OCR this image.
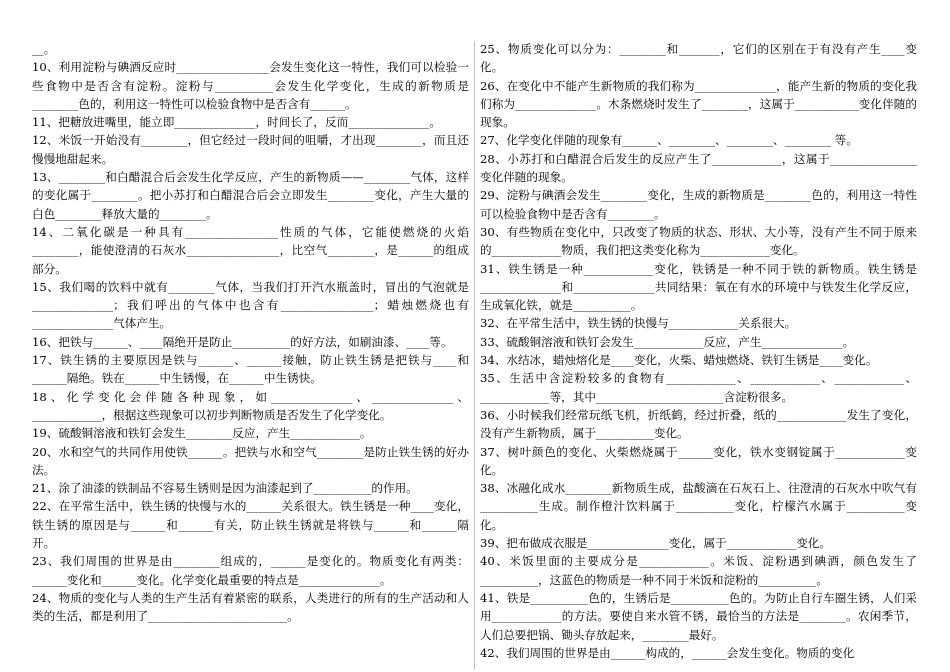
__。

10、利用淀粉与碘酒反应时________________会发生变化这一特性，我们可以检验一些食物中是否含有淀粉。淀粉与__________会发生化学变化，生成的新物质是________色的，利用这一特性可以检验食物中是否含有______。

11、把糖放进嘴里，能立即______________，时间长了，反而______________。

12、米饭一开始没有________，但它经过一段时间的咀嚼，才出现________，而且还慢慢地甜起来。

13、________和白醋混合后会发生化学反应，产生的新物质——________气体，这样的变化属于________。把小苏打和白醋混合后会立即发生________变化，产生大量的白色________释放大量的________。

14、二氧化碳是一种具有________________性质的气体，它能使燃烧的火焰________，能使澄清的石灰水________________，比空气________，是______的组成部分。

15、我们喝的饮料中就有________气体，当我们打开汽水瓶盖时，冒出的气泡就是______________；我们呼出的气体中也含有________________；蜡烛燃烧也有______________气体产生。

16、把铁与______、____隔绝开是防止__________的好方法，如刷油漆、____等。

17、铁生锈的主要原因是铁与______、______接触，防止铁生锈是把铁与____和______隔绝。铁在______中生锈慢，在______中生锈快。

18、化学变化会伴随各种现象，如______________、______________、____________，根据这些现象可以初步判断物质是否发生了化学变化。

19、硫酸铜溶液和铁钉会发生________反应，产生____________。

20、水和空气的共同作用使铁______。把铁与水和空气________是防止铁生锈的好办法。

21、涂了油漆的铁制品不容易生锈则是因为油漆起到了__________的作用。

22、在平常生活中，铁生锈的快慢与水的______关系很大。铁生锈是一种____变化，铁生锈的原因是与______和______有关，防止铁生锈就是将铁与______和______隔开。

23、我们周围的世界是由________组成的，______是变化的。物质变化有两类：______变化和______变化。化学变化最重要的特点是______________。

24、物质的变化与人类的生产生活有着紧密的联系，人类进行的所有的生产活动和人类的生活，都是利用了________________________。

25、物质变化可以分为：________和_______，它们的区别在于有没有产生____变化。

26、在变化中不能产生新物质的我们称为______________，能产生新的物质的变化我们称为______________。木条燃烧时发生了________，这属于___________变化伴随的现象。

27、化学变化伴随的现象有______、________、________、________ 等。

28、小苏打和白醋混合后发生的反应产生了____________，这属于_______________变化伴随的现象。

29、淀粉与碘酒会发生________变化，生成的新物质是________色的，利用这一特性可以检验食物中是否含有________。

30、有些物质在变化中，只改变了物质的状态、形状、大小等，没有产生不同于原来的____________物质，我们把这类变化称为____________变化。

31、铁生锈是一种____________变化，铁锈是一种不同于铁的新物质。铁生锈是______________和______________共同结果：氧在有水的环境中与铁发生化学反应，生成氧化铁，就是__________。

32、在平常生活中，铁生锈的快慢与____________关系很大。

33、硫酸铜溶液和铁钉会发生____________反应，产生______________。

34、水结冰，蜡烛熔化是____变化，火柴、蜡烛燃烧、铁钉生锈是____变化。

35、生活中含淀粉较多的食物有____________、____________、____________、____________等，其中______________________含淀粉很多。

36、小时候我们经常玩纸飞机，折纸鹤，经过折叠，纸的____________发生了变化，没有产生新物质，属于__________变化。

37、树叶颜色的变化、火柴燃烧属于______变化，铁水变钢锭属于____________变化。

38、冰融化成水________新物质生成，盐酸滴在石灰石上、往澄清的石灰水中吹气有__________生成。制作橙汁饮料属于__________变化，柠檬汽水属于__________变化。

39、把布做成衣服是______________变化，属于____________变化。

40、米饭里面的主要成分是____________。米饭、淀粉遇到碘酒，颜色发生了__________，这蓝色的物质是一种不同于米饭和淀粉的__________。

41、铁是__________色的，生锈后是__________色的。为防止自行车圈生锈，人们采用____________的方法。要使自来水管不锈，最恰当的方法是________。农闲季节，人们总要把锅、锄头存放起来，________最好。

42、我们周围的世界是由______构成的，______会发生变化。物质的变化
